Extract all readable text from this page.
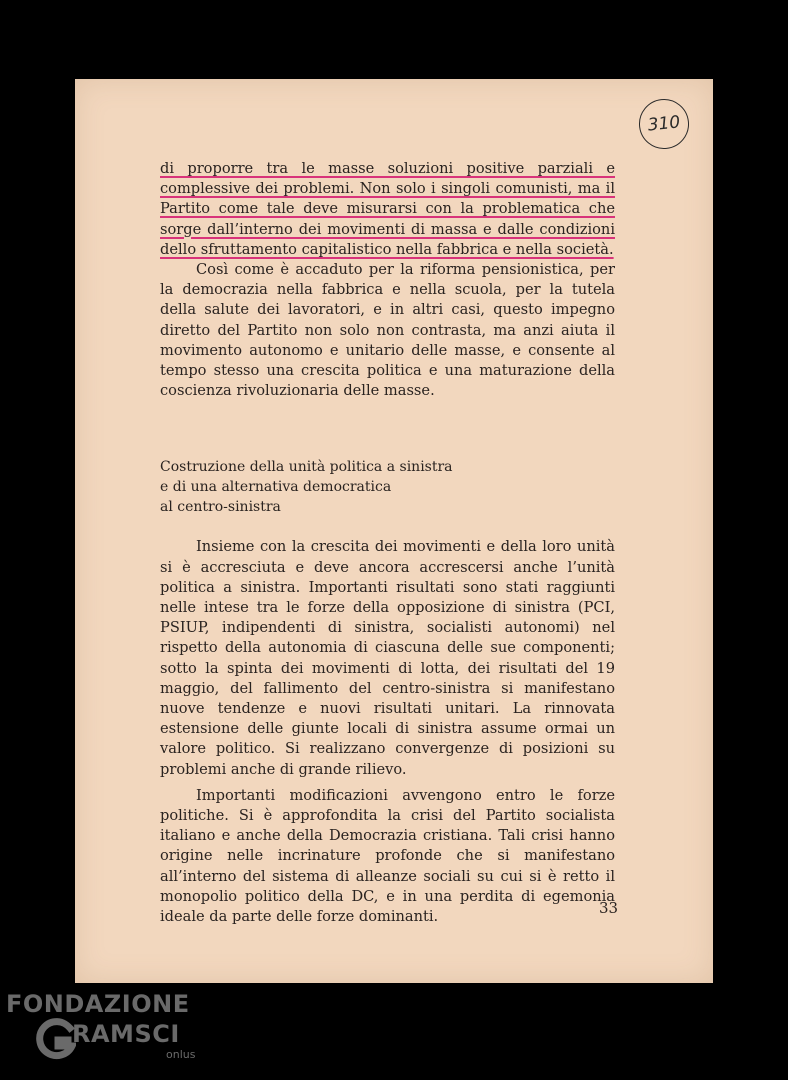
310

di proporre tra le masse soluzioni positive parziali e complessive dei problemi. Non solo i singoli comunisti, ma il Partito come tale deve misurarsi con la problematica che sorge dall’interno dei movimenti di massa e dalle condizioni dello sfruttamento capitalistico nella fabbrica e nella società.

Così come è accaduto per la riforma pensionistica, per la democrazia nella fabbrica e nella scuola, per la tutela della salute dei lavoratori, e in altri casi, questo impegno diretto del Partito non solo non contrasta, ma anzi aiuta il movimento autonomo e unitario delle masse, e consente al tempo stesso una crescita politica e una maturazione della coscienza rivoluzionaria delle masse.

Costruzione della unità politica a sinistra
e di una alternativa democratica
al centro-sinistra

Insieme con la crescita dei movimenti e della loro unità si è accresciuta e deve ancora accrescersi anche l’unità politica a sinistra. Importanti risultati sono stati raggiunti nelle intese tra le forze della opposizione di sinistra (PCI, PSIUP, indipendenti di sinistra, socialisti autonomi) nel rispetto della autonomia di ciascuna delle sue componenti; sotto la spinta dei movimenti di lotta, dei risultati del 19 maggio, del fallimento del centro-sinistra si manifestano nuove tendenze e nuovi risultati unitari. La rinnovata estensione delle giunte locali di sinistra assume ormai un valore politico. Si realizzano convergenze di posizioni su problemi anche di grande rilievo.

Importanti modificazioni avvengono entro le forze politiche. Si è approfondita la crisi del Partito socialista italiano e anche della Democrazia cristiana. Tali crisi hanno origine nelle incrinature profonde che si manifestano all’interno del sistema di alleanze sociali su cui si è retto il monopolio politico della DC, e in una perdita di egemonia ideale da parte delle forze dominanti.	33
FONDAZIONE
RAMSCI
onlus
